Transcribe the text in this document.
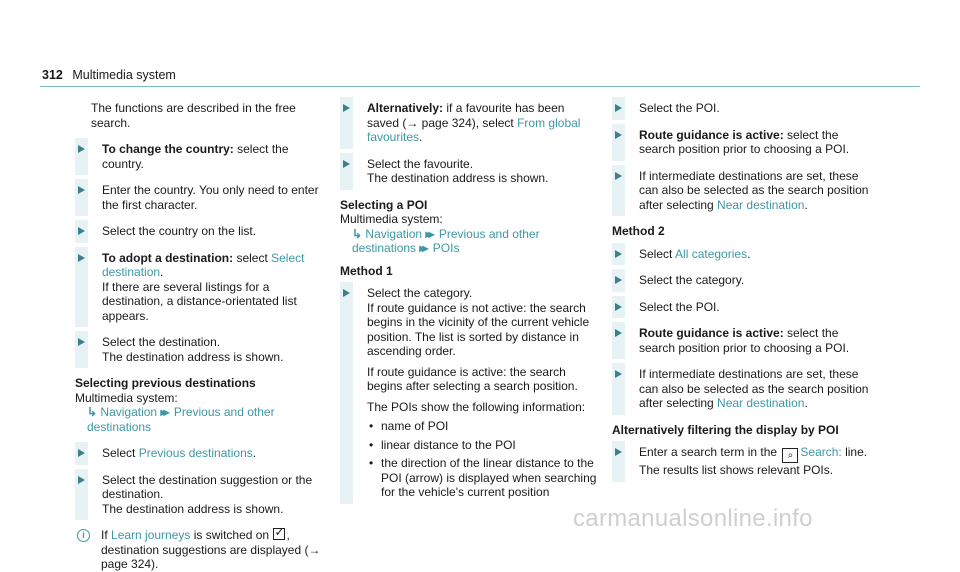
312 Multimedia system
The functions are described in the free search.
To change the country: select the country.
Enter the country. You only need to enter the first character.
Select the country on the list.
To adopt a destination: select Select destination.
If there are several listings for a destination, a distance-orientated list appears.
Select the destination.
The destination address is shown.
Selecting previous destinations
Multimedia system:
↳ Navigation ▸▸ Previous and other destinations
Select Previous destinations.
Select the destination suggestion or the destination.
The destination address is shown.
i	If Learn journeys is switched on ✓, destination suggestions are displayed (→ page 324).
Alternatively: if a favourite has been saved (→ page 324), select From global favourites.
Select the favourite.
The destination address is shown.
Selecting a POI
Multimedia system:
↳ Navigation ▸▸ Previous and other destinations ▸▸ POIs
Method 1
Select the category.
If route guidance is not active: the search begins in the vicinity of the current vehicle position. The list is sorted by distance in ascending order.
If route guidance is active: the search begins after selecting a search position.
The POIs show the following information:
• name of POI
• linear distance to the POI
• the direction of the linear distance to the POI (arrow) is displayed when searching for the vehicle's current position
Select the POI.
Route guidance is active: select the search position prior to choosing a POI.
If intermediate destinations are set, these can also be selected as the search position after selecting Near destination.
Method 2
Select All categories.
Select the category.
Select the POI.
Route guidance is active: select the search position prior to choosing a POI.
If intermediate destinations are set, these can also be selected as the search position after selecting Near destination.
Alternatively filtering the display by POI
Enter a search term in the ⌕ Search: line.
The results list shows relevant POIs.
carmanualsonline.info
